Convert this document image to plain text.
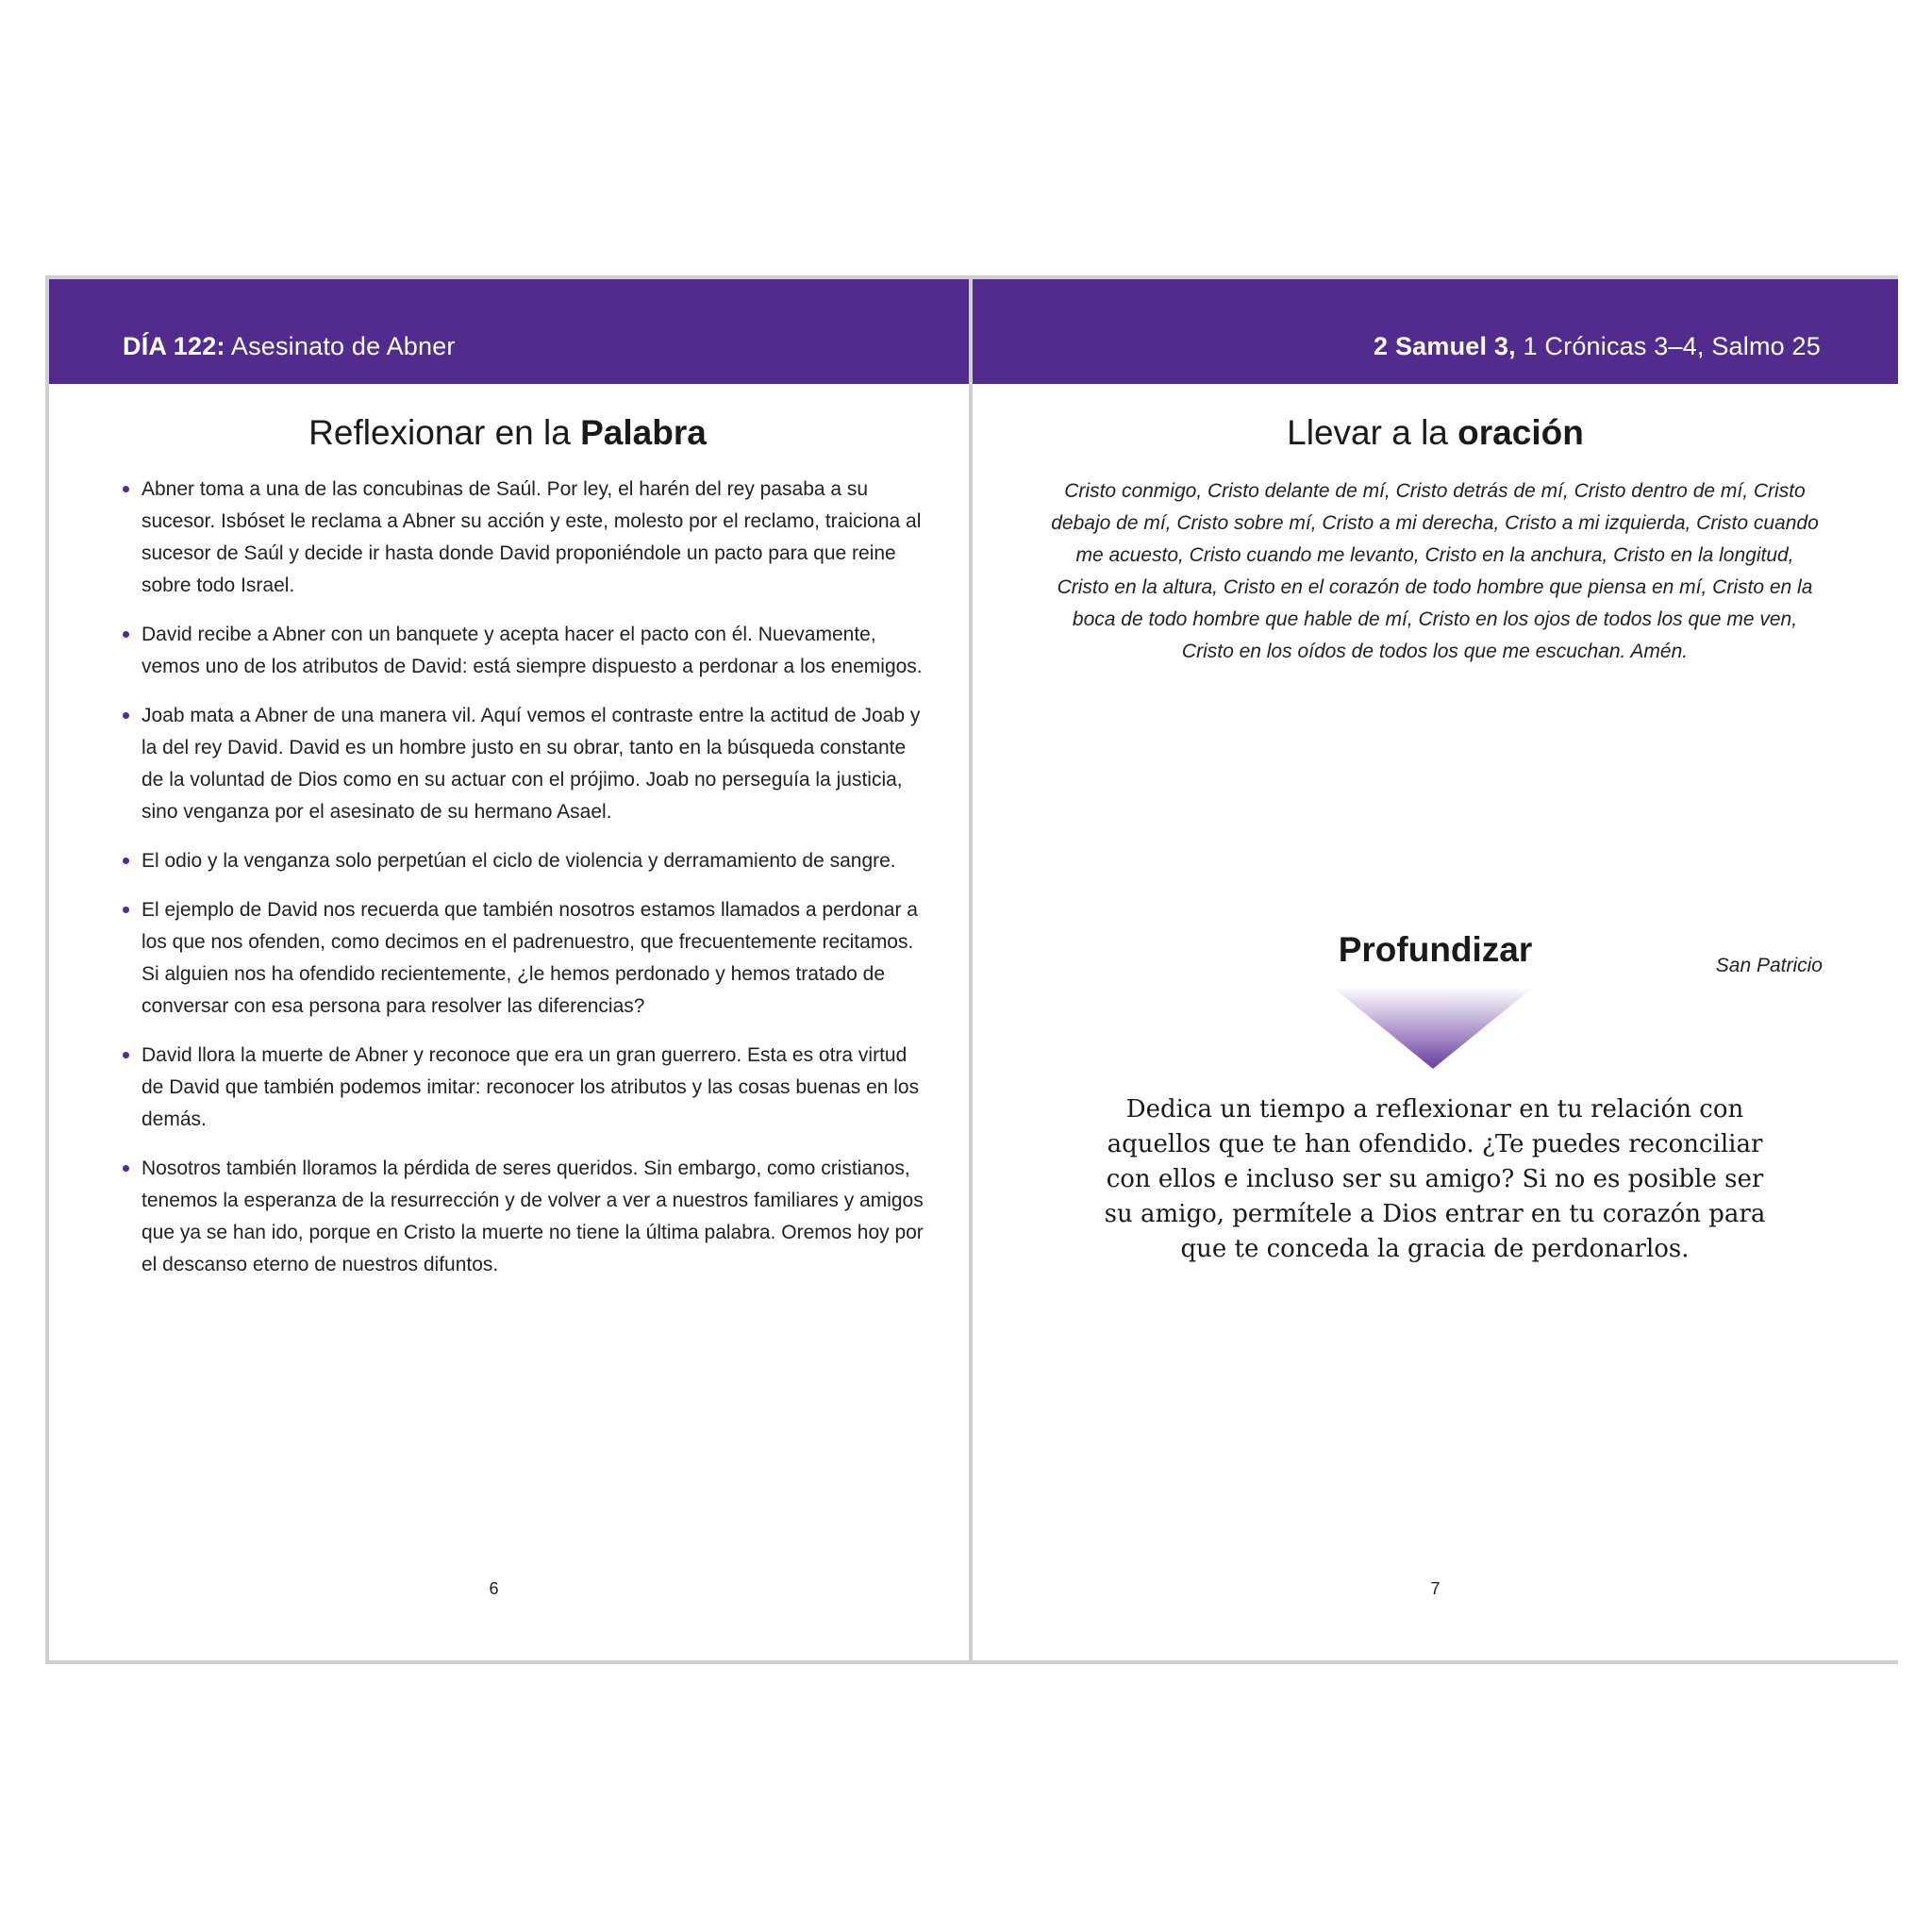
DÍA 122: Asesinato de Abner
Reflexionar en la Palabra
Abner toma a una de las concubinas de Saúl. Por ley, el harén del rey pasaba a su sucesor. Isbóset le reclama a Abner su acción y este, molesto por el reclamo, traiciona al sucesor de Saúl y decide ir hasta donde David proponiéndole un pacto para que reine sobre todo Israel.
David recibe a Abner con un banquete y acepta hacer el pacto con él. Nuevamente, vemos uno de los atributos de David: está siempre dispuesto a perdonar a los enemigos.
Joab mata a Abner de una manera vil. Aquí vemos el contraste entre la actitud de Joab y la del rey David. David es un hombre justo en su obrar, tanto en la búsqueda constante de la voluntad de Dios como en su actuar con el prójimo. Joab no perseguía la justicia, sino venganza por el asesinato de su hermano Asael.
El odio y la venganza solo perpetúan el ciclo de violencia y derramamiento de sangre.
El ejemplo de David nos recuerda que también nosotros estamos llamados a perdonar a los que nos ofenden, como decimos en el padrenuestro, que frecuentemente recitamos. Si alguien nos ha ofendido recientemente, ¿le hemos perdonado y hemos tratado de conversar con esa persona para resolver las diferencias?
David llora la muerte de Abner y reconoce que era un gran guerrero. Esta es otra virtud de David que también podemos imitar: reconocer los atributos y las cosas buenas en los demás.
Nosotros también lloramos la pérdida de seres queridos. Sin embargo, como cristianos, tenemos la esperanza de la resurrección y de volver a ver a nuestros familiares y amigos que ya se han ido, porque en Cristo la muerte no tiene la última palabra. Oremos hoy por el descanso eterno de nuestros difuntos.
6
2 Samuel 3, 1 Crónicas 3–4, Salmo 25
Llevar a la oración

Cristo conmigo, Cristo delante de mí, Cristo detrás de mí, Cristo dentro de mí, Cristo debajo de mí, Cristo sobre mí, Cristo a mi derecha, Cristo a mi izquierda, Cristo cuando me acuesto, Cristo cuando me levanto, Cristo en la anchura, Cristo en la longitud, Cristo en la altura, Cristo en el corazón de todo hombre que piensa en mí, Cristo en la boca de todo hombre que hable de mí, Cristo en los ojos de todos los que me ven, Cristo en los oídos de todos los que me escuchan. Amén.

San Patricio
Profundizar

Dedica un tiempo a reflexionar en tu relación con aquellos que te han ofendido. ¿Te puedes reconciliar con ellos e incluso ser su amigo? Si no es posible ser su amigo, permítele a Dios entrar en tu corazón para que te conceda la gracia de perdonarlos.

7
